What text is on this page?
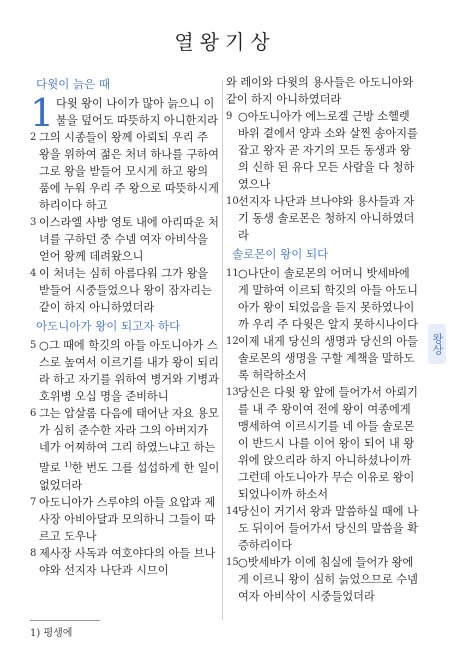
열왕기상
다윗이 늙은 때
1 다윗 왕이 나이가 많아 늙으니 이불을 덮어도 따뜻하지 아니한지라
2 그의 시종들이 왕께 아뢰되 우리 주 왕을 위하여 젊은 처녀 하나를 구하여 그로 왕을 받들어 모시게 하고 왕의 품에 누워 우리 주 왕으로 따뜻하시게 하리이다 하고
3 이스라엘 사방 영토 내에 아리따운 처녀를 구하던 중 수넴 여자 아비삭을 얻어 왕께 데려왔으니
4 이 처녀는 심히 아름다워 그가 왕을 받들어 시중들었으나 왕이 잠자리는 같이 하지 아니하였더라
아도니아가 왕이 되고자 하다
5 ○그 때에 학깃의 아들 아도니아가 스스로 높여서 이르기를 내가 왕이 되리라 하고 자기를 위하여 병거와 기병과 호위병 오십 명을 준비하니
6 그는 압살롬 다음에 태어난 자요 용모가 심히 준수한 자라 그의 아버지가 네가 어찌하여 그리 하였느냐고 하는 말로 $^{1)}$한 번도 그를 섭섭하게 한 일이 없었더라
7 아도니아가 스루야의 아들 요압과 제사장 아비아달과 모의하니 그들이 따르고 도우나
8 제사장 사독과 여호야다의 아들 브나야와 선지자 나단과 시므이
와 레이와 다윗의 용사들은 아도니아와 같이 하지 아니하였더라
9 ○아도니아가 에느로겔 근방 소헬렛 바위 곁에서 양과 소와 살찐 송아지를 잡고 왕자 곧 자기의 모든 동생과 왕의 신하 된 유다 모든 사람을 다 청하였으나
10 선지자 나단과 브나야와 용사들과 자기 동생 솔로몬은 청하지 아니하였더라
솔로몬이 왕이 되다
11 ○나단이 솔로몬의 어머니 밧세바에게 말하여 이르되 학깃의 아들 아도니아가 왕이 되었음을 듣지 못하였나이까 우리 주 다윗은 알지 못하시나이다
12 이제 내게 당신의 생명과 당신의 아들 솔로몬의 생명을 구할 계책을 말하도록 허락하소서
13 당신은 다윗 왕 앞에 들어가서 아뢰기를 내 주 왕이여 전에 왕이 여종에게 맹세하여 이르시기를 네 아들 솔로몬이 반드시 나를 이어 왕이 되어 내 왕위에 앉으리라 하지 아니하셨나이까 그런데 아도니아가 무슨 이유로 왕이 되었나이까 하소서
14 당신이 거기서 왕과 말씀하실 때에 나도 뒤이어 들어가서 당신의 말씀을 확증하리이다
15 ○밧세바가 이에 침실에 들어가 왕에게 이르니 왕이 심히 늙었으므로 수넴 여자 아비삭이 시중들었더라
왕상
1) 평생에
